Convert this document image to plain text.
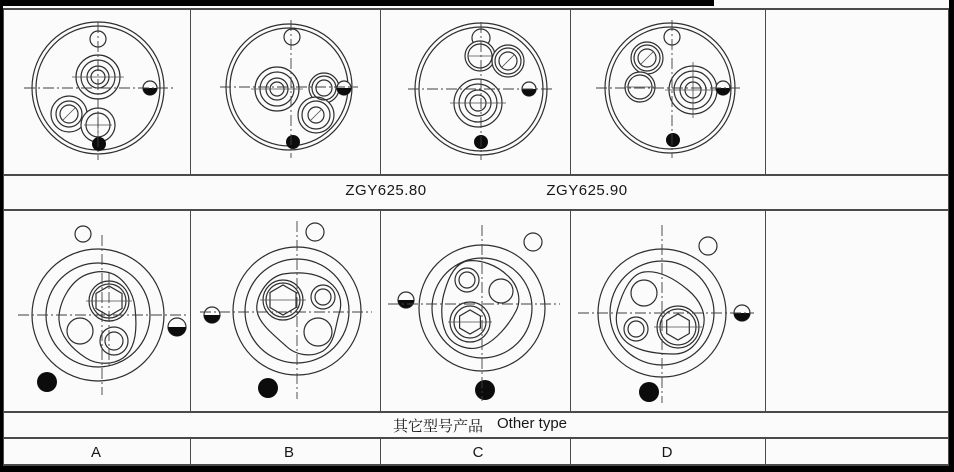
ZGY625.80	ZGY625.90
其它型号产品 Other type
A	B	C	D
